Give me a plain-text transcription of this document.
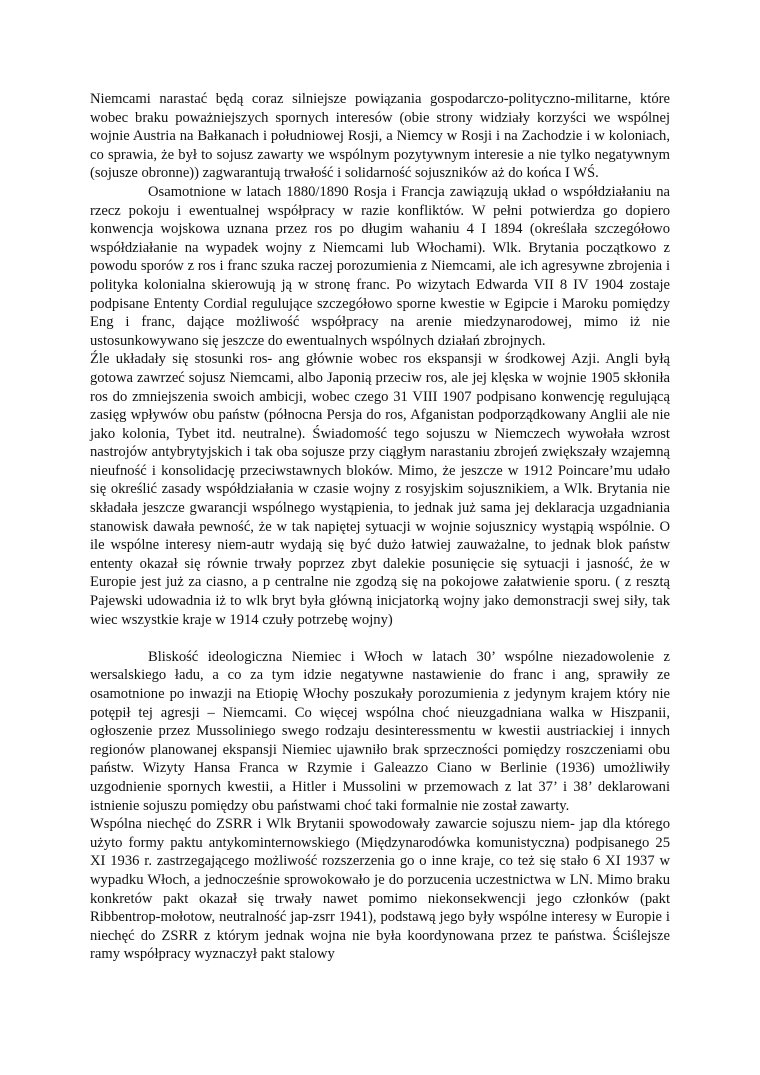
Niemcami narastać będą coraz silniejsze powiązania gospodarczo-polityczno-militarne, które wobec braku poważniejszych spornych interesów (obie strony widziały korzyści we wspólnej wojnie Austria na Bałkanach i południowej Rosji, a Niemcy w Rosji i na Zachodzie i w koloniach, co sprawia, że był to sojusz zawarty we wspólnym pozytywnym interesie a nie tylko negatywnym (sojusze obronne)) zagwarantują trwałość i solidarność sojuszników aż do końca I WŚ.

Osamotnione w latach 1880/1890 Rosja i Francja zawiązują układ o współdziałaniu na rzecz pokoju i ewentualnej współpracy w razie konfliktów. W pełni potwierdza go dopiero konwencja wojskowa uznana przez ros po długim wahaniu 4 I 1894 (określała szczegółowo współdziałanie na wypadek wojny z Niemcami lub Włochami). Wlk. Brytania początkowo z powodu sporów z ros i franc szuka raczej porozumienia z Niemcami, ale ich agresywne zbrojenia i polityka kolonialna skierowują ją w stronę franc. Po wizytach Edwarda VII 8 IV 1904 zostaje podpisane Ententy Cordial regulujące szczegółowo sporne kwestie w Egipcie i Maroku pomiędzy Eng i franc, dające możliwość współpracy na arenie miedzynarodowej, mimo iż nie ustosunkowywano się jeszcze do ewentualnych wspólnych działań zbrojnych.

Źle układały się stosunki ros- ang głównie wobec ros ekspansji w środkowej Azji. Angli byłą gotowa zawrzeć sojusz Niemcami, albo Japonią przeciw ros, ale jej klęska w wojnie 1905 skłoniła ros do zmniejszenia swoich ambicji, wobec czego 31 VIII 1907 podpisano konwencję regulującą zasięg wpływów obu państw (północna Persja do ros, Afganistan podporządkowany Anglii ale nie jako kolonia, Tybet itd. neutralne). Świadomość tego sojuszu w Niemczech wywołała wzrost nastrojów antybrytyjskich i tak oba sojusze przy ciągłym narastaniu zbrojeń zwiększały wzajemną nieufność i konsolidację przeciwstawnych bloków. Mimo, że jeszcze w 1912 Poincare’mu udało się określić zasady współdziałania w czasie wojny z rosyjskim sojusznikiem, a Wlk. Brytania nie składała jeszcze gwarancji wspólnego wystąpienia, to jednak już sama jej deklaracja uzgadniania stanowisk dawała pewność, że w tak napiętej sytuacji w wojnie sojusznicy wystąpią wspólnie. O ile wspólne interesy niem-autr wydają się być dużo łatwiej zauważalne, to jednak blok państw ententy okazał się równie trwały poprzez zbyt dalekie posunięcie się sytuacji i jasność, że w Europie jest już za ciasno, a p centralne nie zgodzą się na pokojowe załatwienie sporu. ( z resztą Pajewski udowadnia iż to wlk bryt była główną inicjatorką wojny jako demonstracji swej siły, tak wiec wszystkie kraje w 1914 czuły potrzebę wojny)

Bliskość ideologiczna Niemiec i Włoch w latach 30’ wspólne niezadowolenie z wersalskiego ładu, a co za tym idzie negatywne nastawienie do franc i ang, sprawiły ze osamotnione po inwazji na Etiopię Włochy poszukały porozumienia z jedynym krajem który nie potępił tej agresji – Niemcami. Co więcej wspólna choć nieuzgadniana walka w Hiszpanii, ogłoszenie przez Mussoliniego swego rodzaju desinteressmentu w kwestii austriackiej i innych regionów planowanej ekspansji Niemiec ujawniło brak sprzeczności pomiędzy roszczeniami obu państw. Wizyty Hansa Franca w Rzymie i Galeazzo Ciano w Berlinie (1936) umożliwiły uzgodnienie spornych kwestii, a Hitler i Mussolini w przemowach z lat 37’ i 38’ deklarowani istnienie sojuszu pomiędzy obu państwami choć taki formalnie nie został zawarty.

Wspólna niechęć do ZSRR i Wlk Brytanii spowodowały zawarcie sojuszu niem- jap dla którego użyto formy paktu antykominternowskiego (Międzynarodówka komunistyczna) podpisanego 25 XI 1936 r. zastrzegającego możliwość rozszerzenia go o inne kraje, co też się stało 6 XI 1937 w wypadku Włoch, a jednocześnie sprowokowało je do porzucenia uczestnictwa w LN. Mimo braku konkretów pakt okazał się trwały nawet pomimo niekonsekwencji jego członków (pakt Ribbentrop-mołotow, neutralność jap-zsrr 1941), podstawą jego były wspólne interesy w Europie i niechęć do ZSRR z którym jednak wojna nie była koordynowana przez te państwa. Ściślejsze ramy współpracy wyznaczył pakt stalowy
